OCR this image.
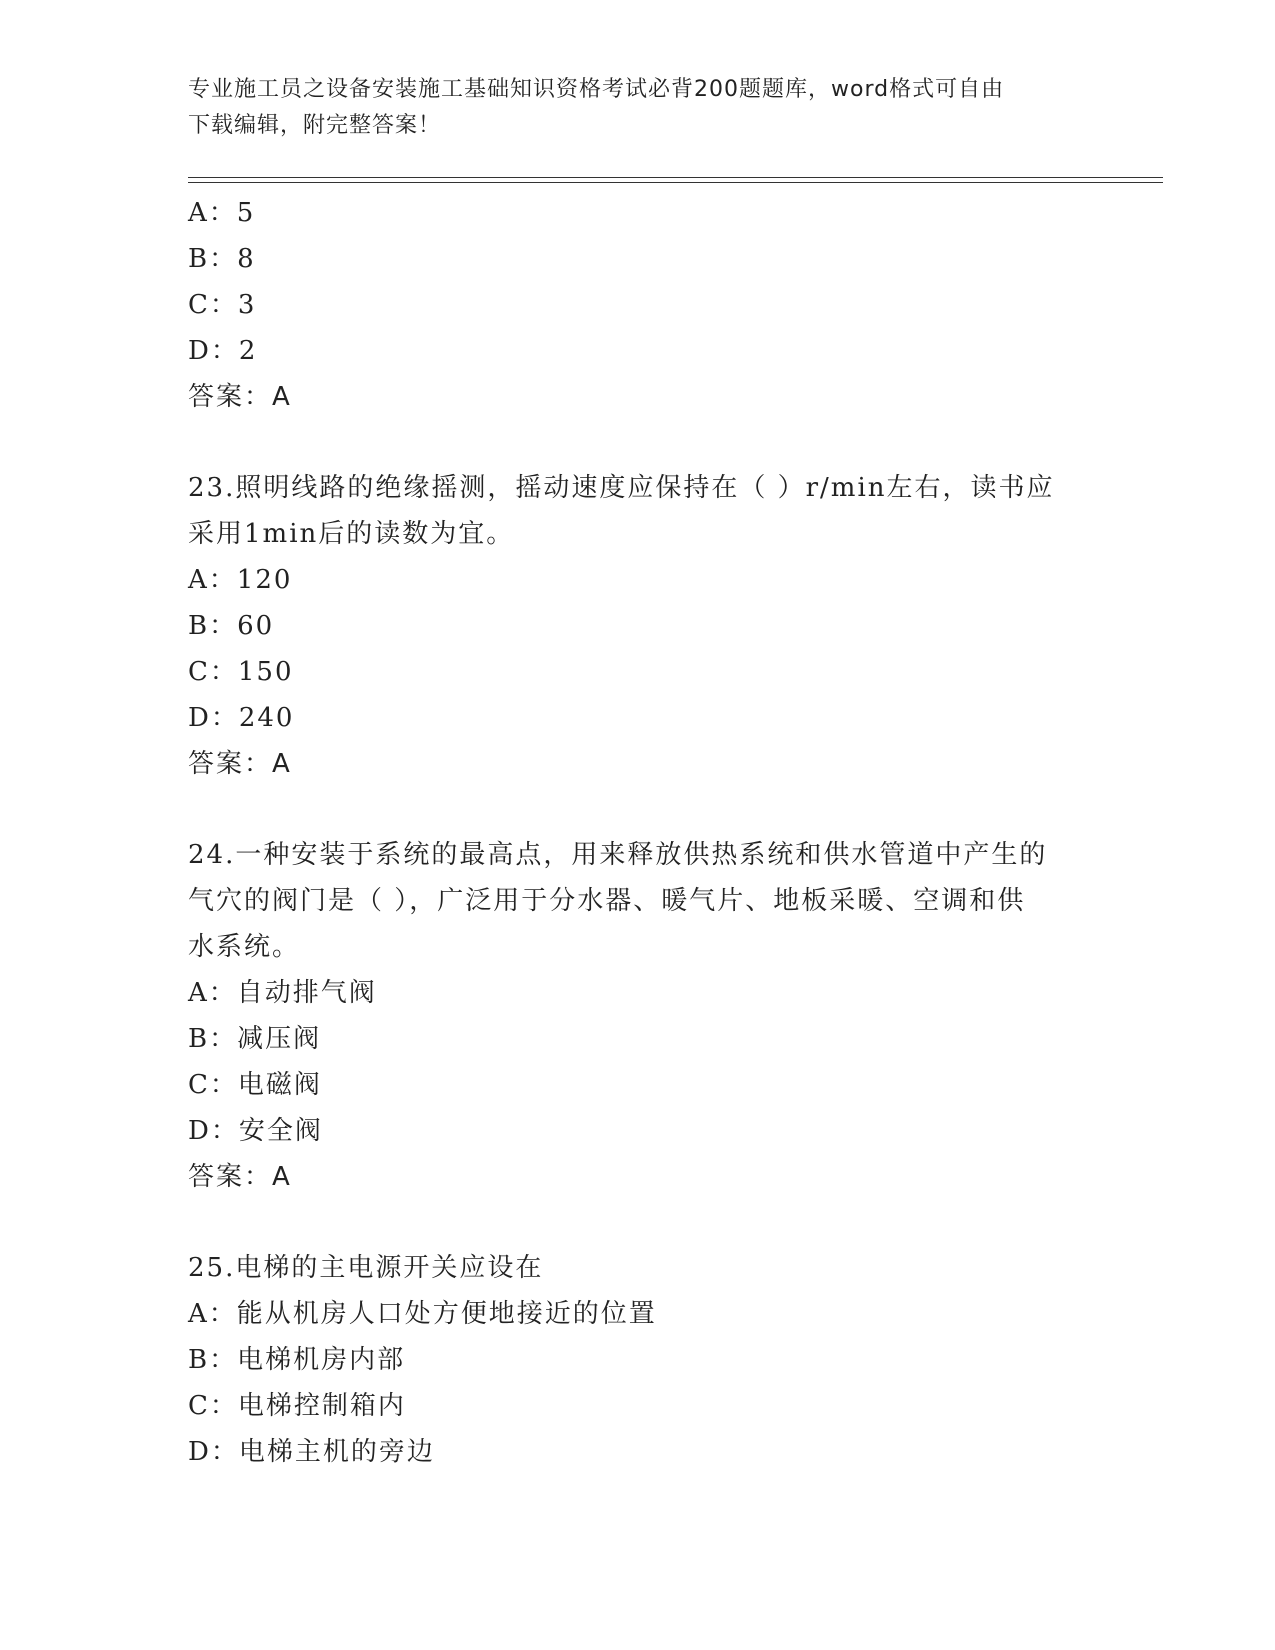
专业施工员之设备安装施工基础知识资格考试必背200题题库，word格式可自由
下载编辑，附完整答案！
A：5
B：8
C：3
D：2
答案：A
23.照明线路的绝缘摇测，摇动速度应保持在（ ）r/min左右，读书应
采用1min后的读数为宜。
A：120
B：60
C：150
D：240
答案：A
24.一种安装于系统的最高点，用来释放供热系统和供水管道中产生的
气穴的阀门是（ ），广泛用于分水器、暖气片、地板采暖、空调和供
水系统。
A：自动排气阀
B：减压阀
C：电磁阀
D：安全阀
答案：A
25.电梯的主电源开关应设在
A：能从机房人口处方便地接近的位置
B：电梯机房内部
C：电梯控制箱内
D：电梯主机的旁边
